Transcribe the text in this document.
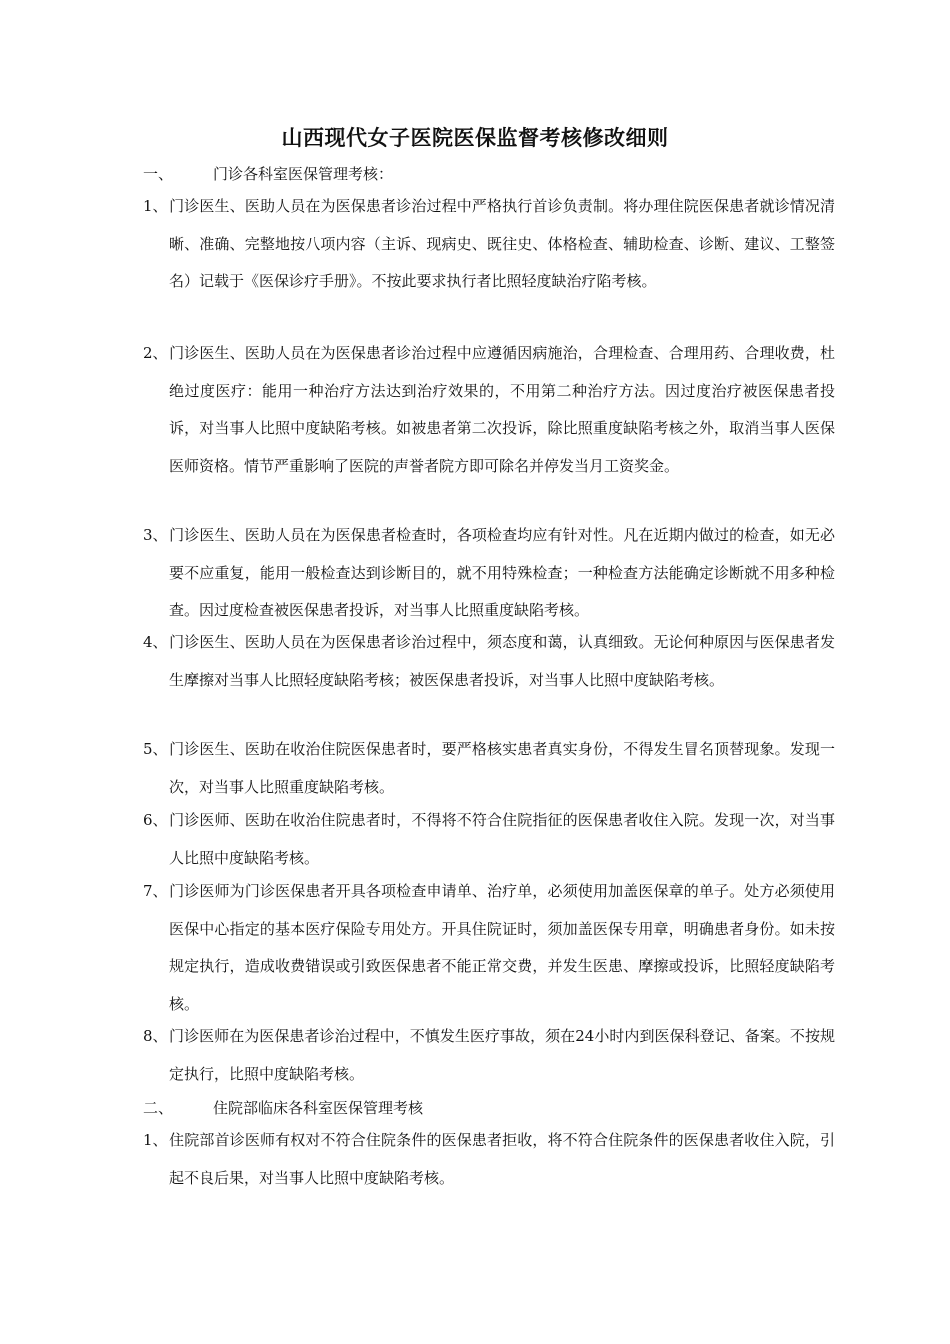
山西现代女子医院医保监督考核修改细则
一、	门诊各科室医保管理考核：
1、门诊医生、医助人员在为医保患者诊治过程中严格执行首诊负责制。将办理住院医保患者就诊情况清晰、准确、完整地按八项内容（主诉、现病史、既往史、体格检查、辅助检查、诊断、建议、工整签名）记载于《医保诊疗手册》。不按此要求执行者比照轻度缺治疗陷考核。
2、门诊医生、医助人员在为医保患者诊治过程中应遵循因病施治，合理检查、合理用药、合理收费，杜绝过度医疗：能用一种治疗方法达到治疗效果的，不用第二种治疗方法。因过度治疗被医保患者投诉，对当事人比照中度缺陷考核。如被患者第二次投诉，除比照重度缺陷考核之外，取消当事人医保医师资格。情节严重影响了医院的声誉者院方即可除名并停发当月工资奖金。
3、门诊医生、医助人员在为医保患者检查时，各项检查均应有针对性。凡在近期内做过的检查，如无必要不应重复，能用一般检查达到诊断目的，就不用特殊检查；一种检查方法能确定诊断就不用多种检查。因过度检查被医保患者投诉，对当事人比照重度缺陷考核。
4、门诊医生、医助人员在为医保患者诊治过程中，须态度和蔼，认真细致。无论何种原因与医保患者发生摩擦对当事人比照轻度缺陷考核；被医保患者投诉，对当事人比照中度缺陷考核。
5、门诊医生、医助在收治住院医保患者时，要严格核实患者真实身份，不得发生冒名顶替现象。发现一次，对当事人比照重度缺陷考核。
6、门诊医师、医助在收治住院患者时，不得将不符合住院指征的医保患者收住入院。发现一次，对当事人比照中度缺陷考核。
7、门诊医师为门诊医保患者开具各项检查申请单、治疗单，必须使用加盖医保章的单子。处方必须使用医保中心指定的基本医疗保险专用处方。开具住院证时，须加盖医保专用章，明确患者身份。如未按规定执行，造成收费错误或引致医保患者不能正常交费，并发生医患、摩擦或投诉，比照轻度缺陷考核。
8、门诊医师在为医保患者诊治过程中，不慎发生医疗事故，须在24小时内到医保科登记、备案。不按规定执行，比照中度缺陷考核。
二、	住院部临床各科室医保管理考核
1、住院部首诊医师有权对不符合住院条件的医保患者拒收，将不符合住院条件的医保患者收住入院，引起不良后果，对当事人比照中度缺陷考核。
